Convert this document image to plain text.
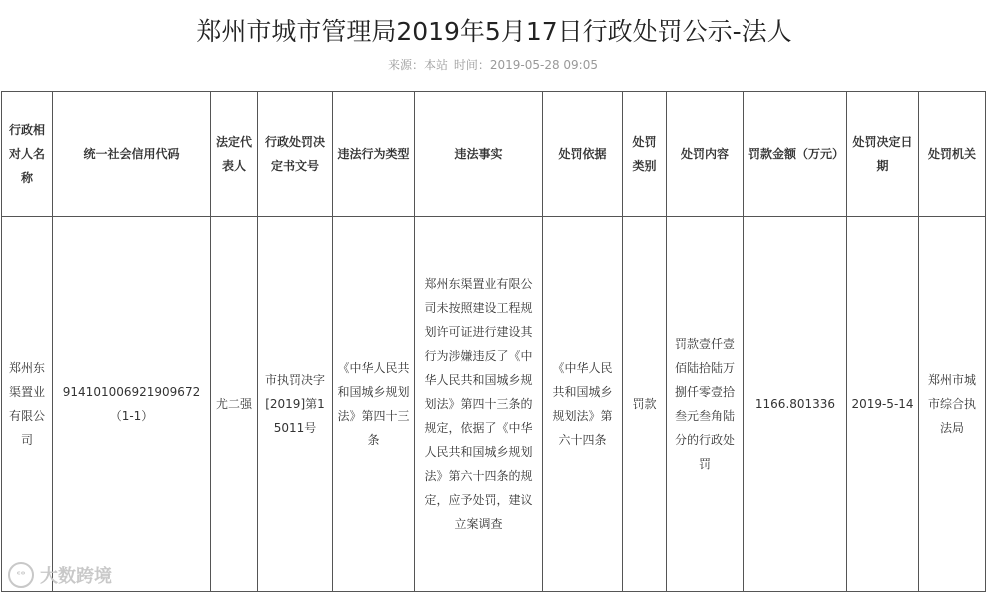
郑州市城市管理局2019年5月17日行政处罚公示-法人
来源：本站 时间：2019-05-28 09:05
行政相对人名称	统一社会信用代码	法定代表人	行政处罚决定书文号	违法行为类型	违法事实	处罚依据	处罚类别	处罚内容	罚款金额（万元）	处罚决定日期	处罚机关
郑州东渠置业有限公司	914101006921909672（1-1）	尤二强	市执罚决字[2019]第15011号	《中华人民共和国城乡规划法》第四十三条	郑州东渠置业有限公司未按照建设工程规划许可证进行建设其行为涉嫌违反了《中华人民共和国城乡规划法》第四十三条的规定，依据了《中华人民共和国城乡规划法》第六十四条的规定，应予处罚，建议立案调查	《中华人民共和国城乡规划法》第六十四条	罚款	罚款壹仟壹佰陆拾陆万捌仟零壹拾叁元叁角陆分的行政处罚	1166.801336	2019-5-14	郑州市城市综合执法局
ᶜᵒ 大数跨境
